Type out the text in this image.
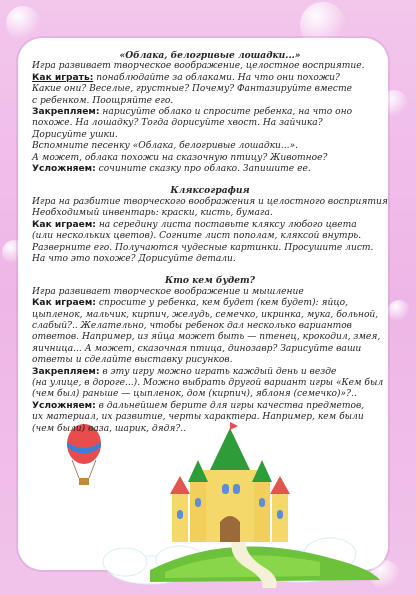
«Облака, белогривые лошадки...»

Игра развивает творческое воображение, целостное восприятие.

Как играть: понаблюдайте за облаками. На что они похожи?

Какие они? Веселые, грустные? Почему? Фантазируйте вместе

с ребенком. Поощряйте его.

Закрепляем: нарисуйте облако и спросите ребенка, на что оно

похоже. На лошадку? Тогда дорисуйте хвост. На зайчика?

Дорисуйте ушки.

Вспомните песенку «Облака, белогривые лошадки...».

А может, облака похожи на сказочную птицу? Животное?

Усложняем: сочините сказку про облако. Запишите ее.

Кляксография

Игра на разбитие творческого воображения и целостного восприятия

Необходимый инвентарь: краски, кисть, бумага.

Как играем: на середину листа поставьте кляксу любого цвета

(или нескольких цветов). Согните лист пополам, кляксой внутрь.

Разверните его. Получаются чудесные картинки. Просушите лист.

На что это похоже? Дорисуйте детали.

Кто кем будет?

Игра развивает творческое воображение и мышление

Как играем: спросите у ребенка, кем будет (кем будет): яйцо,

цыпленок, мальчик, кирпич, желудь, семечко, икринка, мука, больной,

слабый?.. Желательно, чтобы ребенок дал несколько вариантов

ответов. Например, из яйца может быть — птенец, крокодил, змея,

яичница... А может, сказочная птица, динозавр? Зарисуйте ваши

ответы и сделайте выставку рисунков.

Закрепляем: в эту игру можно играть каждый день и везде

(на улице, в дороге...). Можно выбрать другой вариант игры «Кем был

(чем был) раньше — цыпленок, дом (кирпич), яблоня (семечко)»?..

Усложняем: в дальнейшем берите для игры качества предметов,

их материал, их развитие, черты характера. Например, кем были

(чем были) ваза, шарик, дядя?..
